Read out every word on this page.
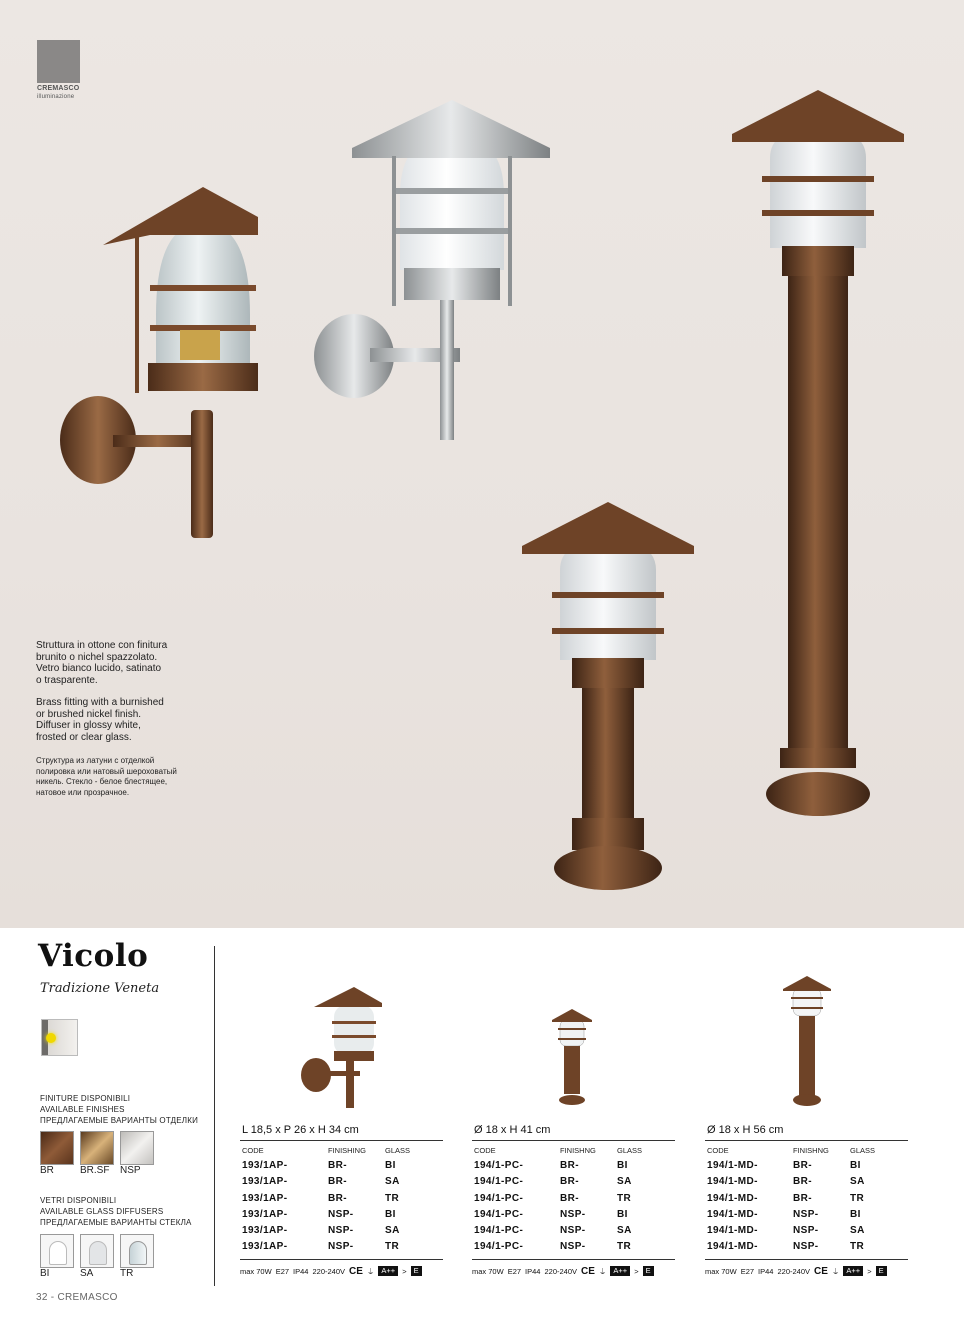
CREMASCO
illuminazione
Struttura in ottone con finitura
brunito o nichel spazzolato.
Vetro bianco lucido, satinato
o trasparente.
Brass fitting with a burnished
or brushed nickel finish.
Diffuser in glossy white,
frosted or clear glass.
Структура из латуни с отделкой
полировка или натовый шероховатый
никель. Стекло - белое блестящее,
натовое или прозрачное.
Vicolo
Tradizione Veneta
FINITURE DISPONIBILI
AVAILABLE FINISHES
ПРЕДЛАГАЕМЫЕ ВАРИАНТЫ ОТДЕЛКИ
BR	BR.SF	NSP
VETRI DISPONIBILI
AVAILABLE GLASS DIFFUSERS
ПРЕДЛАГАЕМЫЕ ВАРИАНТЫ СТЕКЛА
BI	SA	TR
L 18,5 x P 26 x H 34 cm
CODE	FINISHING	GLASS
193/1AP-	BR-	BI
193/1AP-	BR-	SA
193/1AP-	BR-	TR
193/1AP-	NSP-	BI
193/1AP-	NSP-	SA
193/1AP-	NSP-	TR
max 70W E27 IP44 220-240V CE ⏚ A++ > E
Ø 18 x H 41 cm
CODE	FINISHNG	GLASS
194/1-PC-	BR-	BI
194/1-PC-	BR-	SA
194/1-PC-	BR-	TR
194/1-PC-	NSP-	BI
194/1-PC-	NSP-	SA
194/1-PC-	NSP-	TR
max 70W E27 IP44 220-240V CE ⏚ A++ > E
Ø 18 x H 56 cm
CODE	FINISHNG	GLASS
194/1-MD-	BR-	BI
194/1-MD-	BR-	SA
194/1-MD-	BR-	TR
194/1-MD-	NSP-	BI
194/1-MD-	NSP-	SA
194/1-MD-	NSP-	TR
max 70W E27 IP44 220-240V CE ⏚ A++ > E
32 - CREMASCO
